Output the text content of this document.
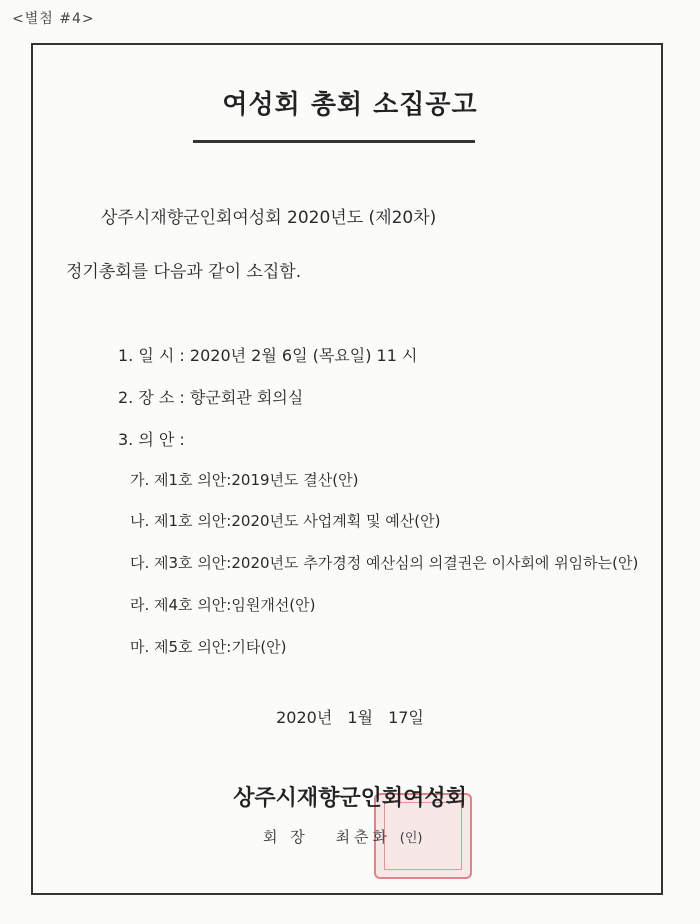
<별첨 #4>
여성회 총회 소집공고
상주시재향군인회여성회 2020년도 (제20차)
정기총회를 다음과 같이 소집함.
1. 일 시 : 2020년 2월 6일 (목요일) 11 시
2. 장 소 : 향군회관 회의실
3. 의 안 :
가. 제1호 의안:2019년도 결산(안)
나. 제1호 의안:2020년도 사업계획 및 예산(안)
다. 제3호 의안:2020년도 추가경정 예산심의 의결권은 이사회에 위임하는(안)
라. 제4호 의안:임원개선(안)
마. 제5호 의안:기타(안)
2020년 1월 17일
상주시재향군인회여성회
회 장 최춘화 (인)
